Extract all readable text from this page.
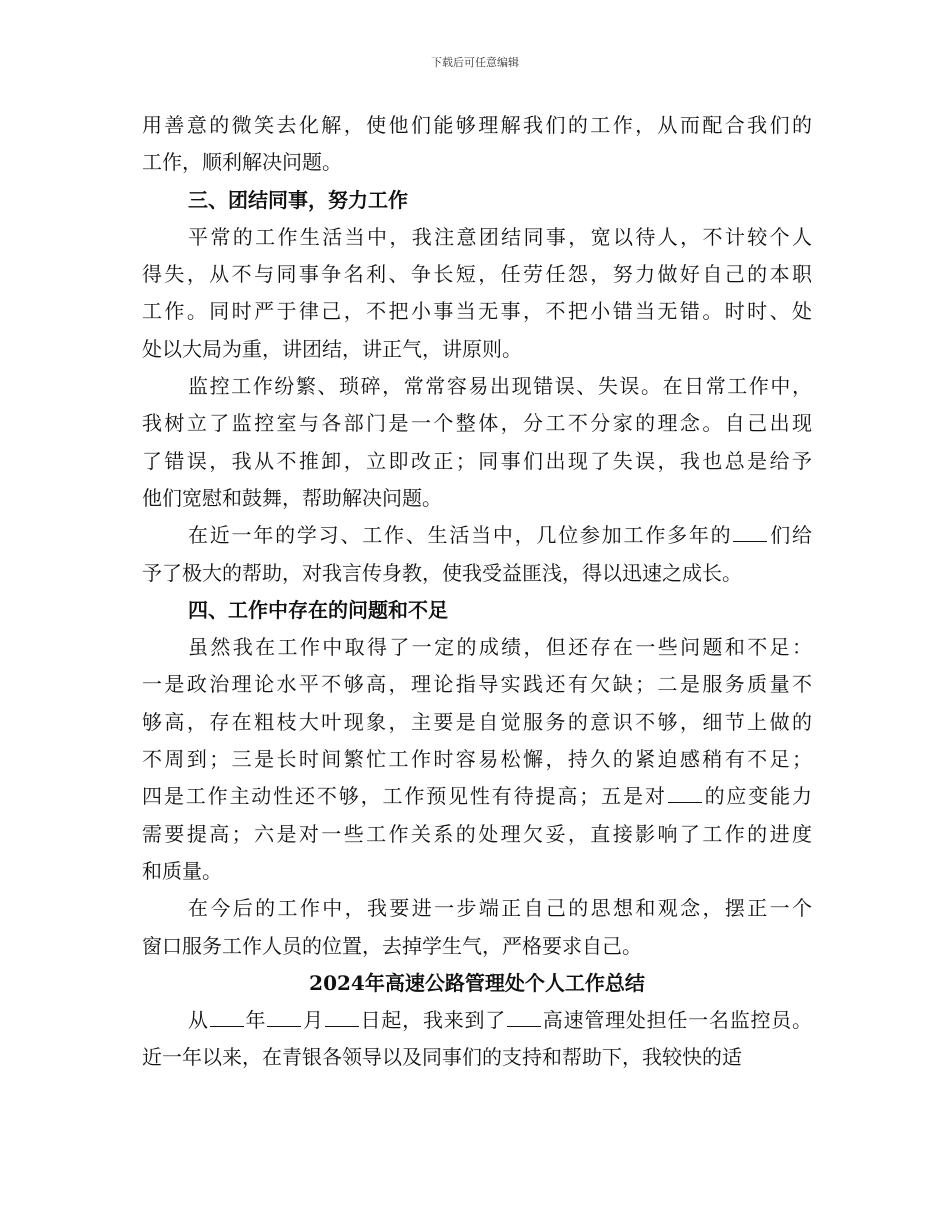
下载后可任意编辑
用善意的微笑去化解，使他们能够理解我们的工作，从而配合我们的
工作，顺利解决问题。
三、团结同事，努力工作
平常的工作生活当中，我注意团结同事，宽以待人，不计较个人
得失，从不与同事争名利、争长短，任劳任怨，努力做好自己的本职
工作。同时严于律己，不把小事当无事，不把小错当无错。时时、处
处以大局为重，讲团结，讲正气，讲原则。
监控工作纷繁、琐碎，常常容易出现错误、失误。在日常工作中，
我树立了监控室与各部门是一个整体，分工不分家的理念。自己出现
了错误，我从不推卸，立即改正；同事们出现了失误，我也总是给予
他们宽慰和鼓舞，帮助解决问题。
在近一年的学习、工作、生活当中，几位参加工作多年的 们给
予了极大的帮助，对我言传身教，使我受益匪浅，得以迅速之成长。
四、工作中存在的问题和不足
虽然我在工作中取得了一定的成绩，但还存在一些问题和不足：
一是政治理论水平不够高，理论指导实践还有欠缺；二是服务质量不
够高，存在粗枝大叶现象，主要是自觉服务的意识不够，细节上做的
不周到；三是长时间繁忙工作时容易松懈，持久的紧迫感稍有不足；
四是工作主动性还不够，工作预见性有待提高；五是对 的应变能力
需要提高；六是对一些工作关系的处理欠妥，直接影响了工作的进度
和质量。
在今后的工作中，我要进一步端正自己的思想和观念，摆正一个
窗口服务工作人员的位置，去掉学生气，严格要求自己。
2024年高速公路管理处个人工作总结
从 年 月 日起，我来到了 高速管理处担任一名监控员。
近一年以来，在青银各领导以及同事们的支持和帮助下，我较快的适
